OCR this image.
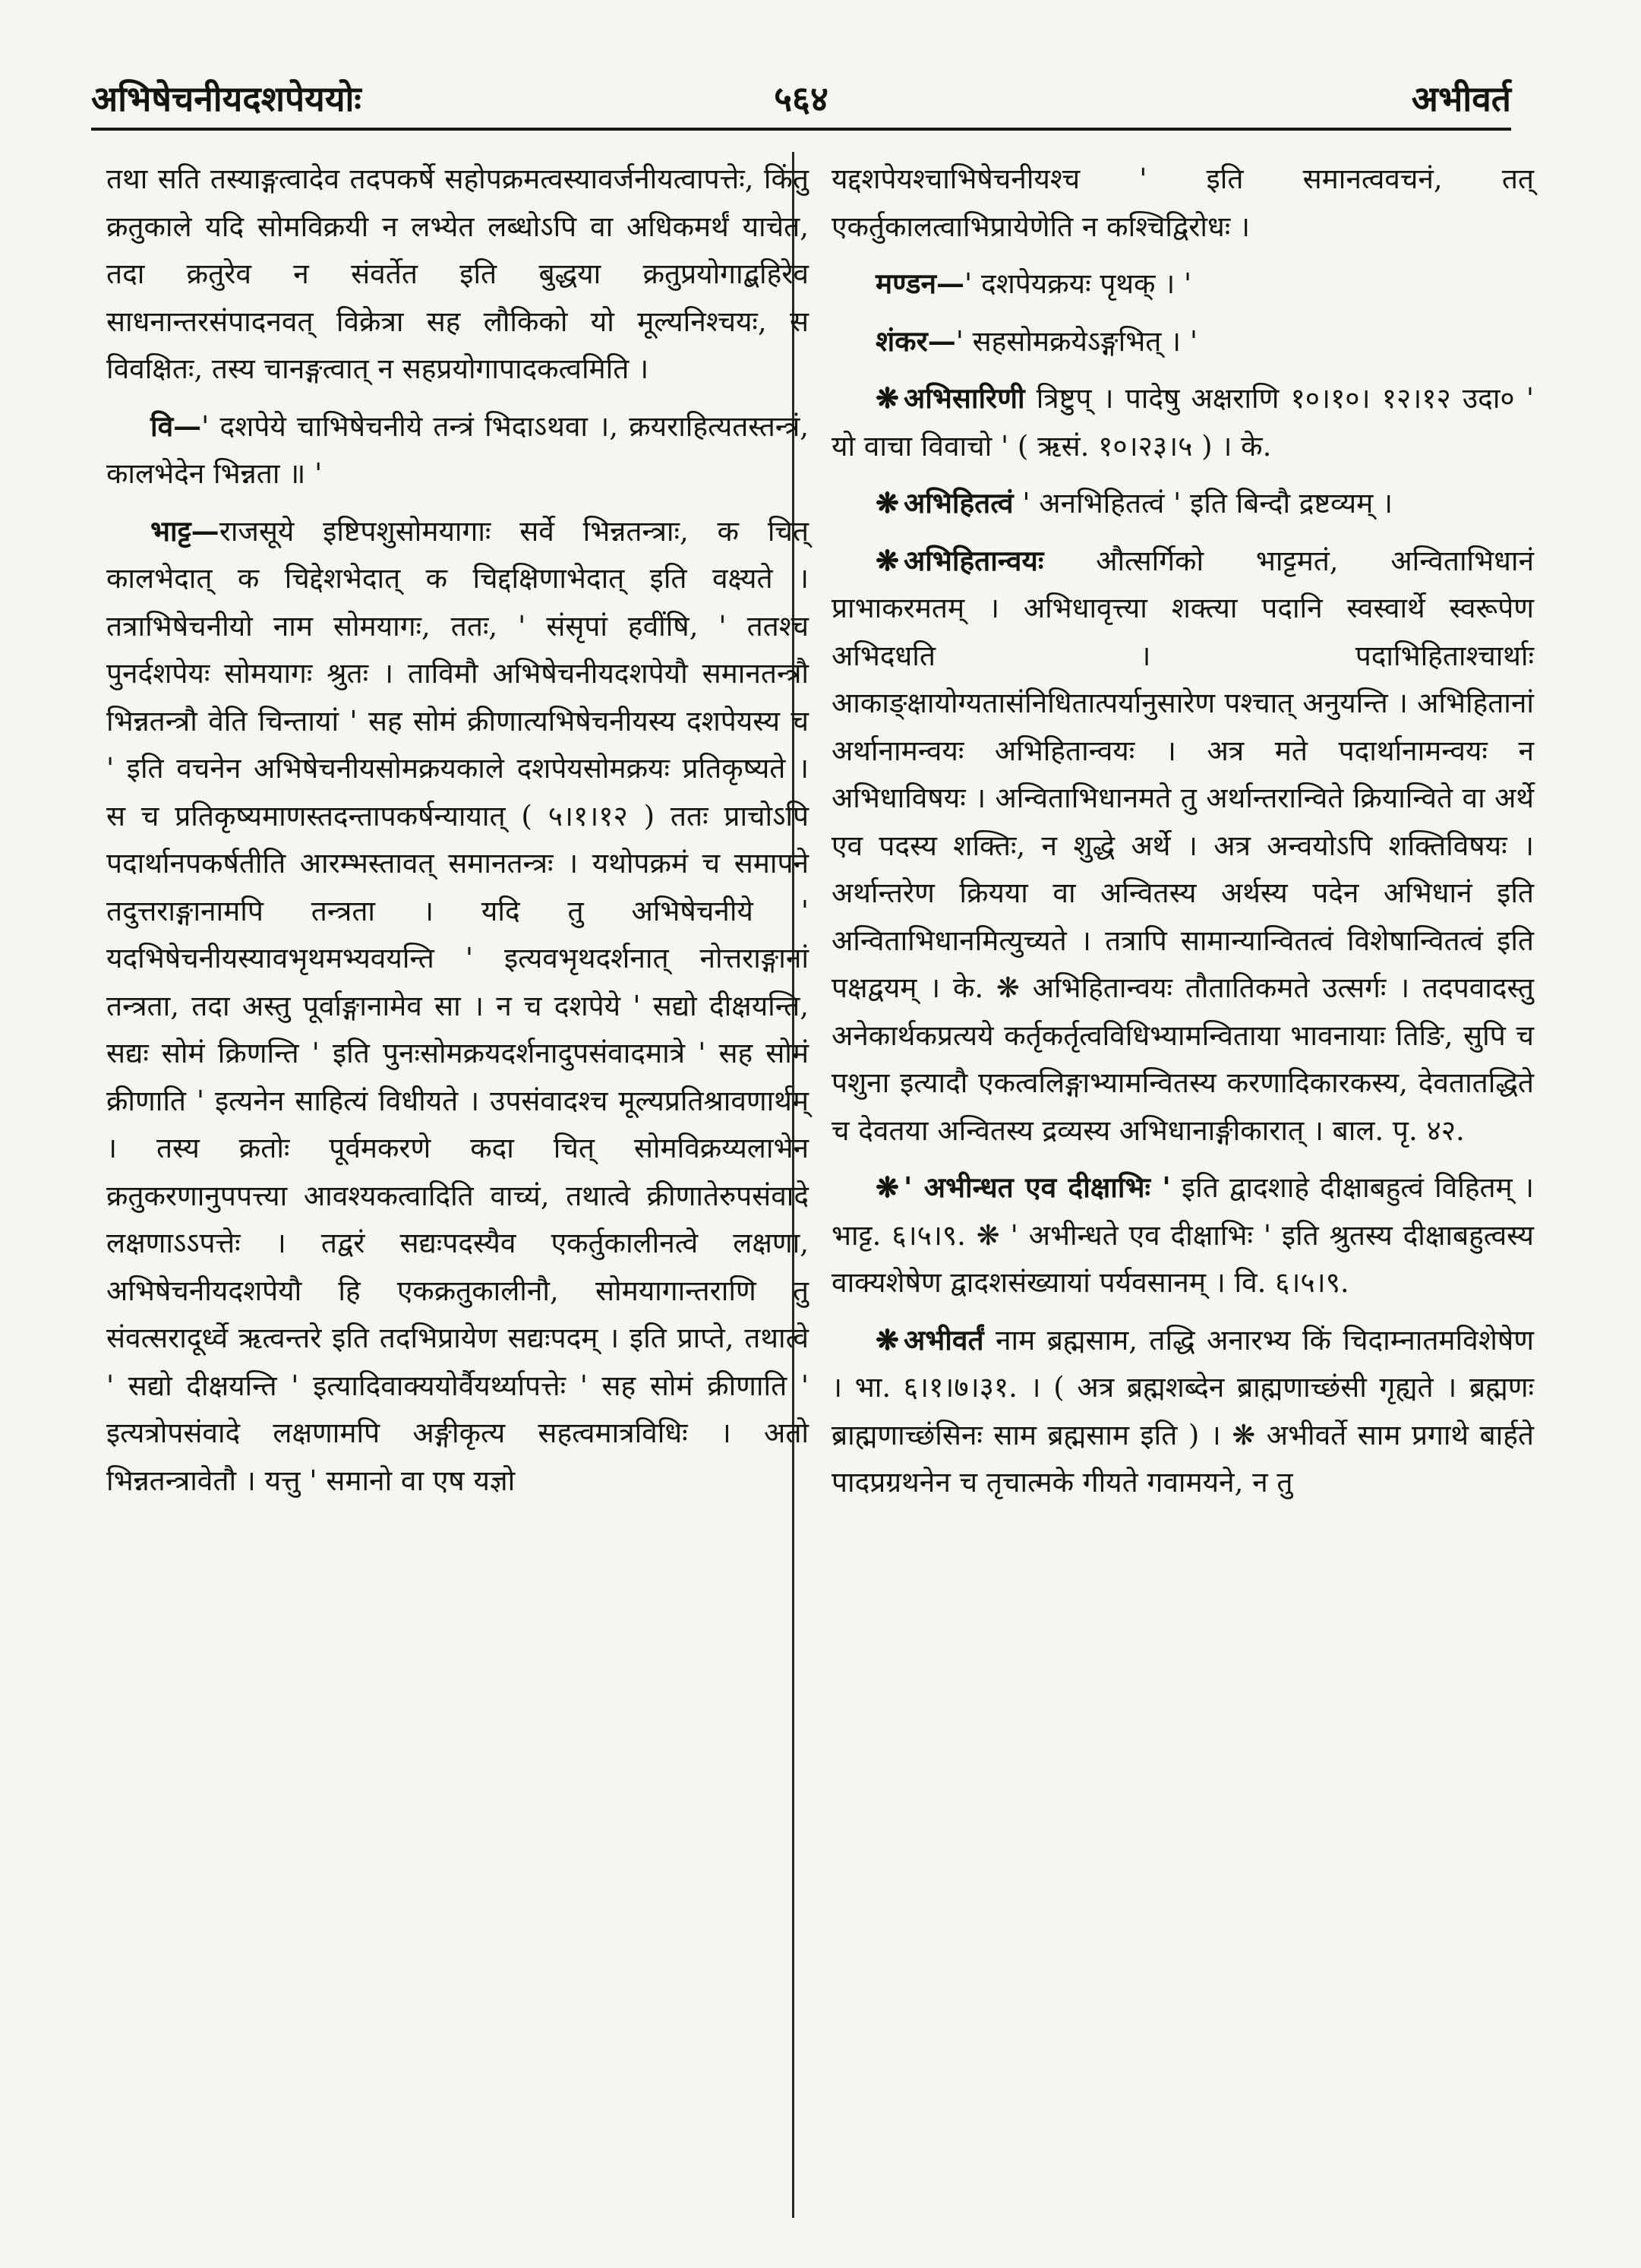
अभिषेचनीयदशपेययोः	५६४	अभीवर्त

तथा सति तस्याङ्गत्वादेव तदपकर्षे सहोपक्रमत्वस्यावर्जनीयत्वापत्तेः, किंतु क्रतुकाले यदि सोमविक्रयी न लभ्येत लब्धोऽपि वा अधिकमर्थं याचेत, तदा क्रतुरेव न संवर्तेत इति बुद्धया क्रतुप्रयोगाद्बहिरेव साधनान्तरसंपादनवत् विक्रेत्रा सह लौकिको यो मूल्यनिश्चयः, स विवक्षितः, तस्य चानङ्गत्वात् न सहप्रयोगापादकत्वमिति ।

वि—' दशपेये चाभिषेचनीये तन्त्रं भिदाऽथवा ।, क्रयराहित्यतस्तन्त्रं, कालभेदेन भिन्नता ॥ '

भाट्ट—राजसूये इष्टिपशुसोमयागाः सर्वे भिन्नतन्त्राः, क चित् कालभेदात् क चिद्देशभेदात् क चिद्दक्षिणाभेदात् इति वक्ष्यते । तत्राभिषेचनीयो नाम सोमयागः, ततः, ' संसृपां हवींषि, ' ततश्च पुनर्दशपेयः सोमयागः श्रुतः । ताविमौ अभिषेचनीयदशपेयौ समानतन्त्रौ भिन्नतन्त्रौ वेति चिन्तायां ' सह सोमं क्रीणात्यभिषेचनीयस्य दशपेयस्य च ' इति वचनेन अभिषेचनीयसोमक्रयकाले दशपेयसोमक्रयः प्रतिकृष्यते । स च प्रतिकृष्यमाणस्तदन्तापकर्षन्यायात् ( ५।१।१२ ) ततः प्राचोऽपि पदार्थानपकर्षतीति आरम्भस्तावत् समानतन्त्रः । यथोपक्रमं च समापने तदुत्तराङ्गानामपि तन्त्रता । यदि तु अभिषेचनीये ' यदभिषेचनीयस्यावभृथमभ्यवयन्ति ' इत्यवभृथदर्शनात् नोत्तराङ्गानां तन्त्रता, तदा अस्तु पूर्वाङ्गानामेव सा । न च दशपेये ' सद्यो दीक्षयन्ति, सद्यः सोमं क्रिणन्ति ' इति पुनःसोमक्रयदर्शनादुपसंवादमात्रे ' सह सोमं क्रीणाति ' इत्यनेन साहित्यं विधीयते । उपसंवादश्च मूल्यप्रतिश्रावणार्थम् । तस्य क्रतोः पूर्वमकरणे कदा चित् सोमविक्रय्यलाभेन क्रतुकरणानुपपत्त्या आवश्यकत्वादिति वाच्यं, तथात्वे क्रीणातेरुपसंवादे लक्षणाऽऽपत्तेः । तद्वरं सद्यःपदस्यैव एकर्तुकालीनत्वे लक्षणा, अभिषेचनीयदशपेयौ हि एकक्रतुकालीनौ, सोमयागान्तराणि तु संवत्सरादूर्ध्वे ऋत्वन्तरे इति तदभिप्रायेण सद्यःपदम् । इति प्राप्ते, तथात्वे ' सद्यो दीक्षयन्ति ' इत्यादिवाक्ययोर्वैयर्थ्यापत्तेः ' सह सोमं क्रीणाति ' इत्यत्रोपसंवादे लक्षणामपि अङ्गीकृत्य सहत्वमात्रविधिः । अतो भिन्नतन्त्रावेतौ । यत्तु ' समानो वा एष यज्ञो

यद्दशपेयश्चाभिषेचनीयश्च ' इति समानत्ववचनं, तत् एकर्तुकालत्वाभिप्रायेणेति न कश्चिद्विरोधः ।

मण्डन—' दशपेयक्रयः पृथक् । '

शंकर—' सहसोमक्रयेऽङ्गभित् । '

❋ अभिसारिणी त्रिष्टुप् । पादेषु अक्षराणि १०।१०। १२।१२ उदा० ' यो वाचा विवाचो ' ( ऋसं. १०।२३।५ ) । के.

❋ अभिहितत्वं ' अनभिहितत्वं ' इति बिन्दौ द्रष्टव्यम् ।

❋ अभिहितान्वयः औत्सर्गिको भाट्टमतं, अन्विताभिधानं प्राभाकरमतम् । अभिधावृत्त्या शक्त्या पदानि स्वस्वार्थे स्वरूपेण अभिदधति । पदाभिहिताश्चार्थाः आकाङ्क्षायोग्यतासंनिधितात्पर्यानुसारेण पश्चात् अनुयन्ति । अभिहितानां अर्थानामन्वयः अभिहितान्वयः । अत्र मते पदार्थानामन्वयः न अभिधाविषयः । अन्विताभिधानमते तु अर्थान्तरान्विते क्रियान्विते वा अर्थे एव पदस्य शक्तिः, न शुद्धे अर्थे । अत्र अन्वयोऽपि शक्तिविषयः । अर्थान्तरेण क्रियया वा अन्वितस्य अर्थस्य पदेन अभिधानं इति अन्विताभिधानमित्युच्यते । तत्रापि सामान्यान्वितत्वं विशेषान्वितत्वं इति पक्षद्वयम् । के. ❋ अभिहितान्वयः तौतातिकमते उत्सर्गः । तदपवादस्तु अनेकार्थकप्रत्यये कर्तृकर्तृत्वविधिभ्यामन्विताया भावनायाः तिङि, सुपि च पशुना इत्यादौ एकत्वलिङ्गाभ्यामन्वितस्य करणादिकारकस्य, देवतातद्धिते च देवतया अन्वितस्य द्रव्यस्य अभिधानाङ्गीकारात् । बाल. पृ. ४२.

❋ ' अभीन्धत एव दीक्षाभिः ' इति द्वादशाहे दीक्षाबहुत्वं विहितम् । भाट्ट. ६।५।९. ❋ ' अभीन्धते एव दीक्षाभिः ' इति श्रुतस्य दीक्षाबहुत्वस्य वाक्यशेषेण द्वादशसंख्यायां पर्यवसानम् । वि. ६।५।९.

❋ अभीवर्तं नाम ब्रह्मसाम, तद्धि अनारभ्य किं चिदाम्नातमविशेषेण । भा. ६।१।७।३१. । ( अत्र ब्रह्मशब्देन ब्राह्मणाच्छंसी गृह्यते । ब्रह्मणः ब्राह्मणाच्छंसिनः साम ब्रह्मसाम इति ) । ❋ अभीवर्ते साम प्रगाथे बार्हते पादप्रग्रथनेन च तृचात्मके गीयते गवामयने, न तु
